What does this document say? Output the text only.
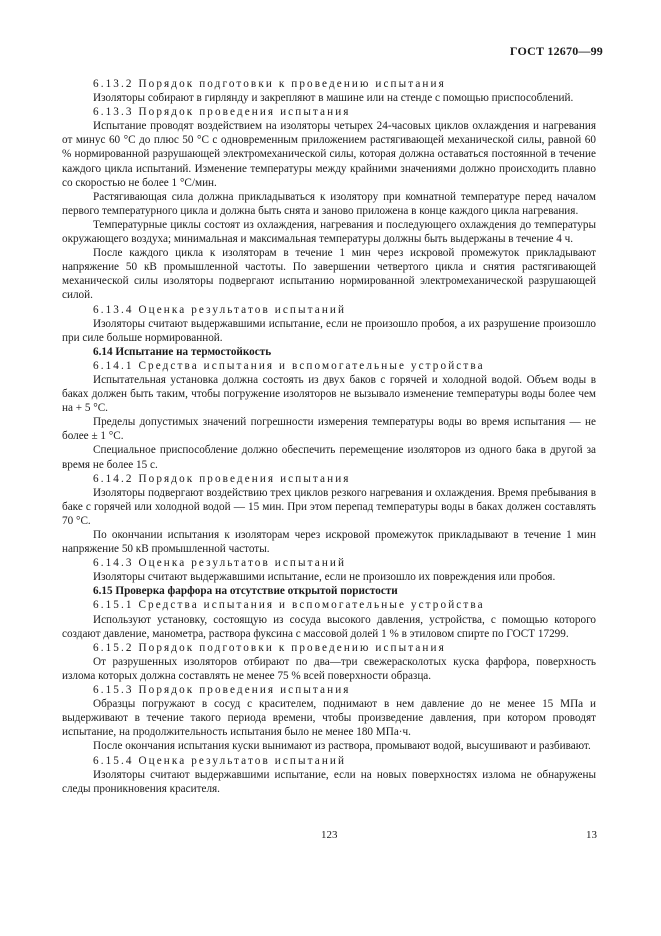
ГОСТ 12670—99

6.13.2 Порядок подготовки к проведению испытания

Изоляторы собирают в гирлянду и закрепляют в машине или на стенде с помощью приспособлений.

6.13.3 Порядок проведения испытания

Испытание проводят воздействием на изоляторы четырех 24-часовых циклов охлаждения и нагревания от минус 60 °C до плюс 50 °C с одновременным приложением растягивающей механической силы, равной 60 % нормированной разрушающей электромеханической силы, которая должна оставаться постоянной в течение каждого цикла испытаний. Изменение температуры между крайними значениями должно происходить плавно со скоростью не более 1 °C/мин.

Растягивающая сила должна прикладываться к изолятору при комнатной температуре перед началом первого температурного цикла и должна быть снята и заново приложена в конце каждого цикла нагревания.

Температурные циклы состоят из охлаждения, нагревания и последующего охлаждения до температуры окружающего воздуха; минимальная и максимальная температуры должны быть выдержаны в течение 4 ч.

После каждого цикла к изоляторам в течение 1 мин через искровой промежуток прикладывают напряжение 50 кВ промышленной частоты. По завершении четвертого цикла и снятия растягивающей механической силы изоляторы подвергают испытанию нормированной электромеханической разрушающей силой.

6.13.4 Оценка результатов испытаний

Изоляторы считают выдержавшими испытание, если не произошло пробоя, а их разрушение произошло при силе больше нормированной.

6.14 Испытание на термостойкость

6.14.1 Средства испытания и вспомогательные устройства

Испытательная установка должна состоять из двух баков с горячей и холодной водой. Объем воды в баках должен быть таким, чтобы погружение изоляторов не вызывало изменение температуры воды более чем на + 5 °C.

Пределы допустимых значений погрешности измерения температуры воды во время испытания — не более ± 1 °C.

Специальное приспособление должно обеспечить перемещение изоляторов из одного бака в другой за время не более 15 с.

6.14.2 Порядок проведения испытания

Изоляторы подвергают воздействию трех циклов резкого нагревания и охлаждения. Время пребывания в баке с горячей или холодной водой — 15 мин. При этом перепад температуры воды в баках должен составлять 70 °C.

По окончании испытания к изоляторам через искровой промежуток прикладывают в течение 1 мин напряжение 50 кВ промышленной частоты.

6.14.3 Оценка результатов испытаний

Изоляторы считают выдержавшими испытание, если не произошло их повреждения или пробоя.

6.15 Проверка фарфора на отсутствие открытой пористости

6.15.1 Средства испытания и вспомогательные устройства

Используют установку, состоящую из сосуда высокого давления, устройства, с помощью которого создают давление, манометра, раствора фуксина с массовой долей 1 % в этиловом спирте по ГОСТ 17299.

6.15.2 Порядок подготовки к проведению испытания

От разрушенных изоляторов отбирают по два—три свежерасколотых куска фарфора, поверхность излома которых должна составлять не менее 75 % всей поверхности образца.

6.15.3 Порядок проведения испытания

Образцы погружают в сосуд с красителем, поднимают в нем давление до не менее 15 МПа и выдерживают в течение такого периода времени, чтобы произведение давления, при котором проводят испытание, на продолжительность испытания было не менее 180 МПа·ч.

После окончания испытания куски вынимают из раствора, промывают водой, высушивают и разбивают.

6.15.4 Оценка результатов испытаний

Изоляторы считают выдержавшими испытание, если на новых поверхностях излома не обнаружены следы проникновения красителя.

123	13
